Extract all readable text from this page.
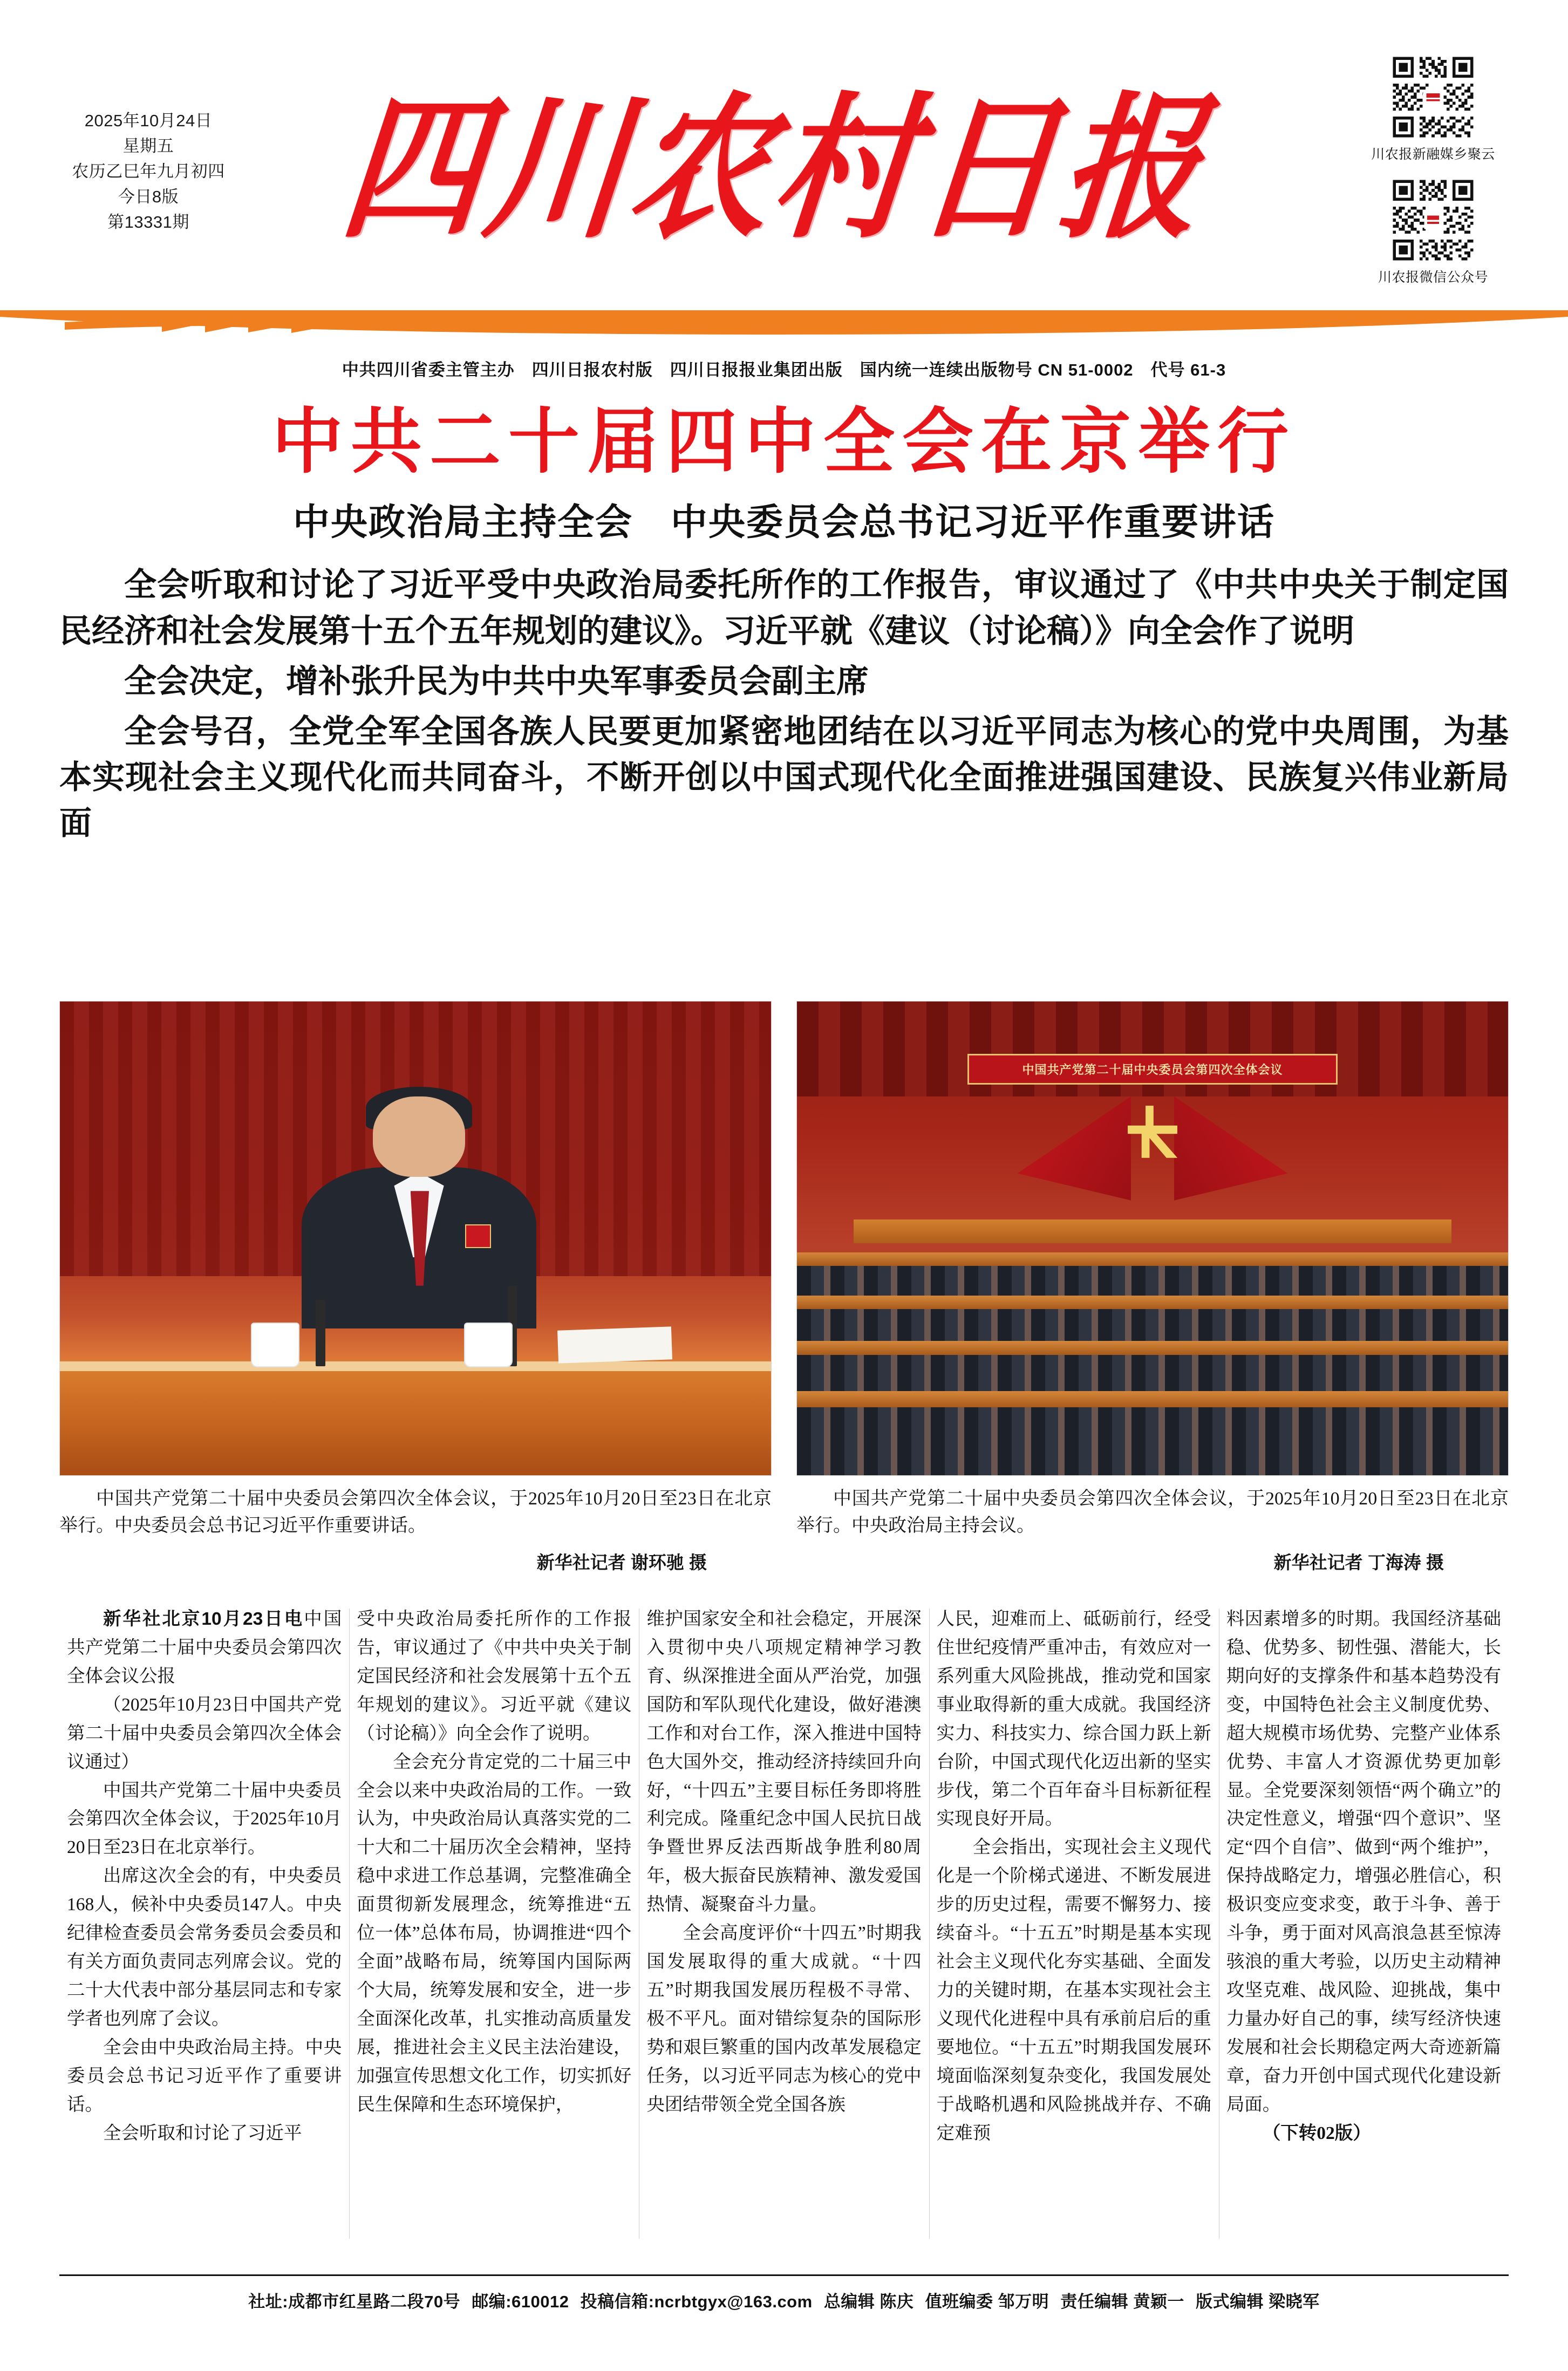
2025年10月24日
星期五
农历乙巳年九月初四
今日8版
第13331期	四川农村日报	川农报新融媒乡聚云
川农报微信公众号
中共四川省委主管主办　四川日报农村版　四川日报报业集团出版　国内统一连续出版物号 CN 51-0002　代号 61-3
中共二十届四中全会在京举行
中央政治局主持全会　中央委员会总书记习近平作重要讲话
全会听取和讨论了习近平受中央政治局委托所作的工作报告，审议通过了《中共中央关于制定国民经济和社会发展第十五个五年规划的建议》。习近平就《建议（讨论稿）》向全会作了说明
全会决定，增补张升民为中共中央军事委员会副主席
全会号召，全党全军全国各族人民要更加紧密地团结在以习近平同志为核心的党中央周围，为基本实现社会主义现代化而共同奋斗，不断开创以中国式现代化全面推进强国建设、民族复兴伟业新局面
中国共产党第二十届中央委员会第四次全体会议，于2025年10月20日至23日在北京举行。中央委员会总书记习近平作重要讲话。
新华社记者 谢环驰 摄
中国共产党第二十届中央委员会第四次全体会议
中国共产党第二十届中央委员会第四次全体会议，于2025年10月20日至23日在北京举行。中央政治局主持会议。
新华社记者 丁海涛 摄

新华社北京10月23日电中国共产党第二十届中央委员会第四次全体会议公报

（2025年10月23日中国共产党第二十届中央委员会第四次全体会议通过）

中国共产党第二十届中央委员会第四次全体会议，于2025年10月20日至23日在北京举行。

出席这次全会的有，中央委员168人，候补中央委员147人。中央纪律检查委员会常务委员会委员和有关方面负责同志列席会议。党的二十大代表中部分基层同志和专家学者也列席了会议。

全会由中央政治局主持。中央委员会总书记习近平作了重要讲话。

全会听取和讨论了习近平

受中央政治局委托所作的工作报告，审议通过了《中共中央关于制定国民经济和社会发展第十五个五年规划的建议》。习近平就《建议（讨论稿）》向全会作了说明。

全会充分肯定党的二十届三中全会以来中央政治局的工作。一致认为，中央政治局认真落实党的二十大和二十届历次全会精神，坚持稳中求进工作总基调，完整准确全面贯彻新发展理念，统筹推进“五位一体”总体布局，协调推进“四个全面”战略布局，统筹国内国际两个大局，统筹发展和安全，进一步全面深化改革，扎实推动高质量发展，推进社会主义民主法治建设，加强宣传思想文化工作，切实抓好民生保障和生态环境保护，

维护国家安全和社会稳定，开展深入贯彻中央八项规定精神学习教育、纵深推进全面从严治党，加强国防和军队现代化建设，做好港澳工作和对台工作，深入推进中国特色大国外交，推动经济持续回升向好，“十四五”主要目标任务即将胜利完成。隆重纪念中国人民抗日战争暨世界反法西斯战争胜利80周年，极大振奋民族精神、激发爱国热情、凝聚奋斗力量。

全会高度评价“十四五”时期我国发展取得的重大成就。“十四五”时期我国发展历程极不寻常、极不平凡。面对错综复杂的国际形势和艰巨繁重的国内改革发展稳定任务，以习近平同志为核心的党中央团结带领全党全国各族

人民，迎难而上、砥砺前行，经受住世纪疫情严重冲击，有效应对一系列重大风险挑战，推动党和国家事业取得新的重大成就。我国经济实力、科技实力、综合国力跃上新台阶，中国式现代化迈出新的坚实步伐，第二个百年奋斗目标新征程实现良好开局。

全会指出，实现社会主义现代化是一个阶梯式递进、不断发展进步的历史过程，需要不懈努力、接续奋斗。“十五五”时期是基本实现社会主义现代化夯实基础、全面发力的关键时期，在基本实现社会主义现代化进程中具有承前启后的重要地位。“十五五”时期我国发展环境面临深刻复杂变化，我国发展处于战略机遇和风险挑战并存、不确定难预

料因素增多的时期。我国经济基础稳、优势多、韧性强、潜能大，长期向好的支撑条件和基本趋势没有变，中国特色社会主义制度优势、超大规模市场优势、完整产业体系优势、丰富人才资源优势更加彰显。全党要深刻领悟“两个确立”的决定性意义，增强“四个意识”、坚定“四个自信”、做到“两个维护”，保持战略定力，增强必胜信心，积极识变应变求变，敢于斗争、善于斗争，勇于面对风高浪急甚至惊涛骇浪的重大考验，以历史主动精神攻坚克难、战风险、迎挑战，集中力量办好自己的事，续写经济快速发展和社会长期稳定两大奇迹新篇章，奋力开创中国式现代化建设新局面。

（下转02版）

社址:成都市红星路二段70号 邮编:610012 投稿信箱:ncrbtgyx@163.com 总编辑 陈庆 值班编委 邹万明 责任编辑 黄颖一 版式编辑 梁晓军
